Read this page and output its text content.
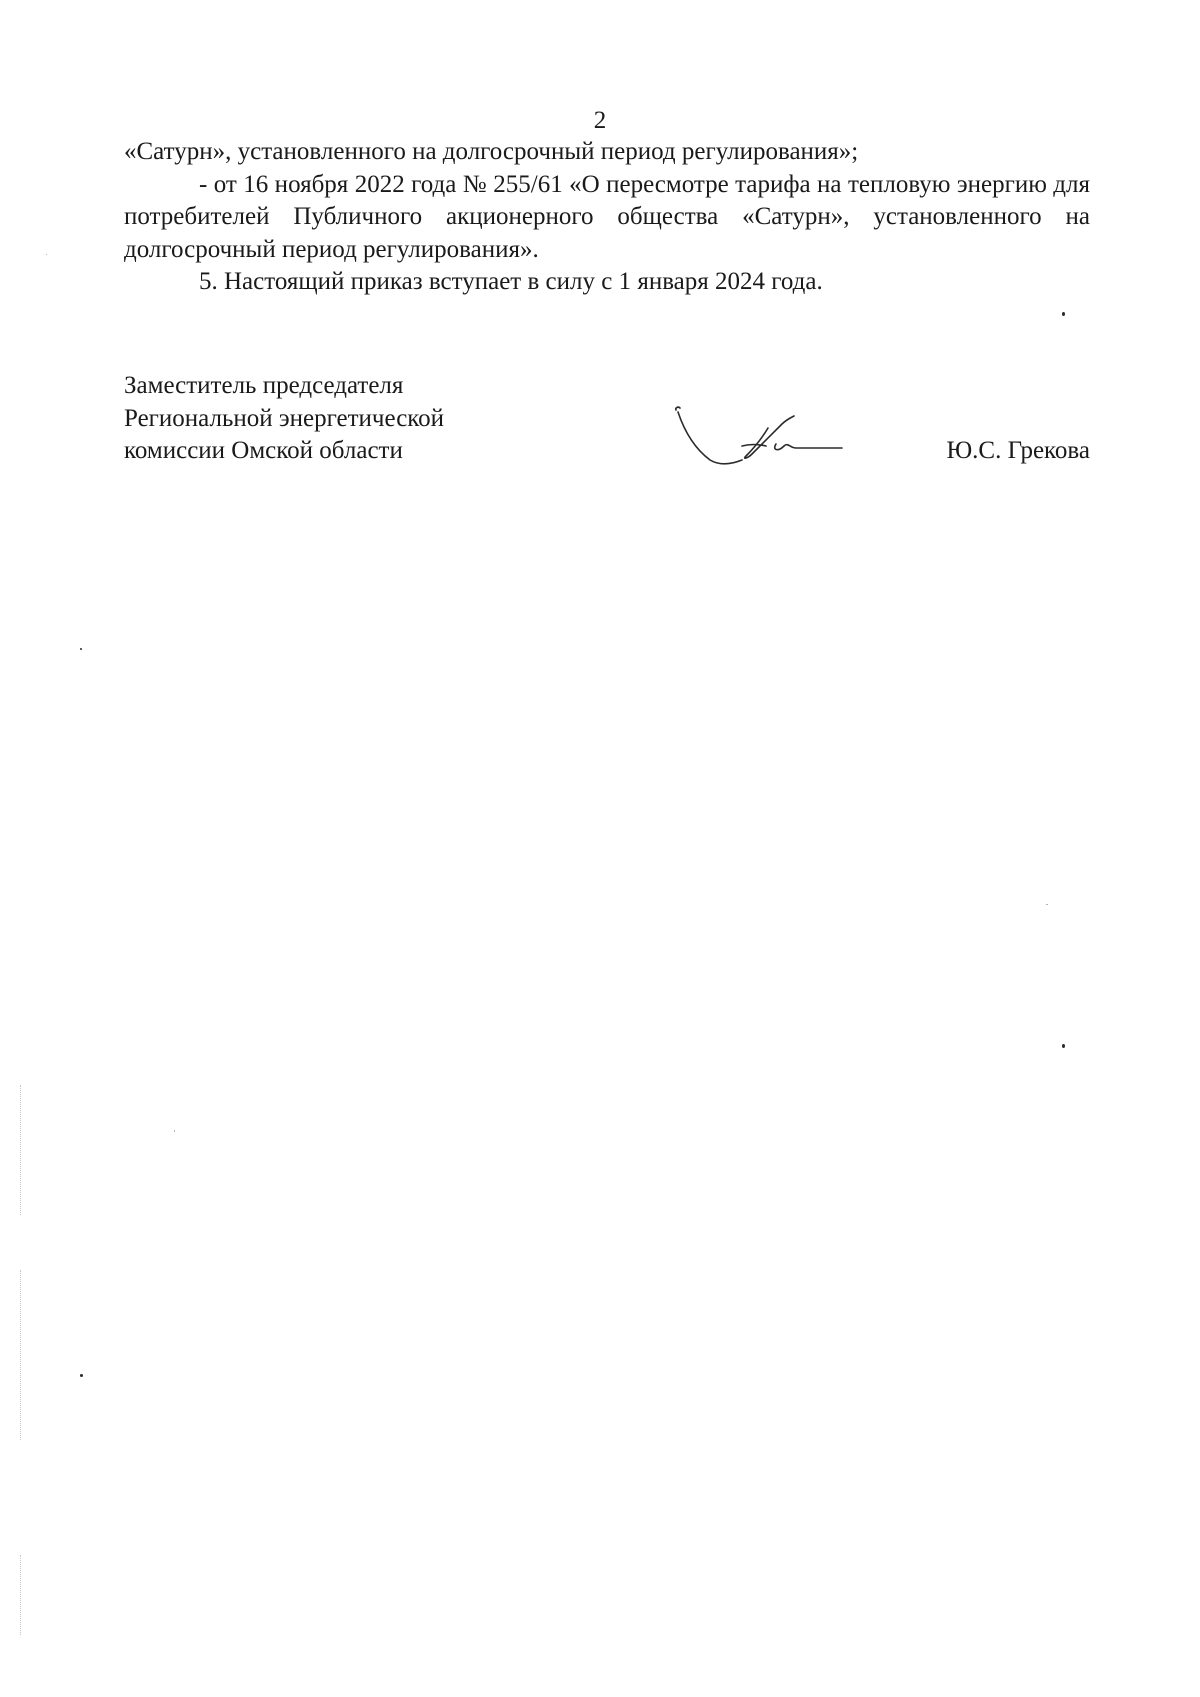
2

«Сатурн», установленного на долгосрочный период регулирования»;

- от 16 ноября 2022 года № 255/61 «О пересмотре тарифа на тепловую энергию для потребителей Публичного акционерного общества «Сатурн», установленного на долгосрочный период регулирования».

5. Настоящий приказ вступает в силу с 1 января 2024 года.

Заместитель председателя
Региональной энергетической
комиссии Омской области	Ю.С. Грекова
